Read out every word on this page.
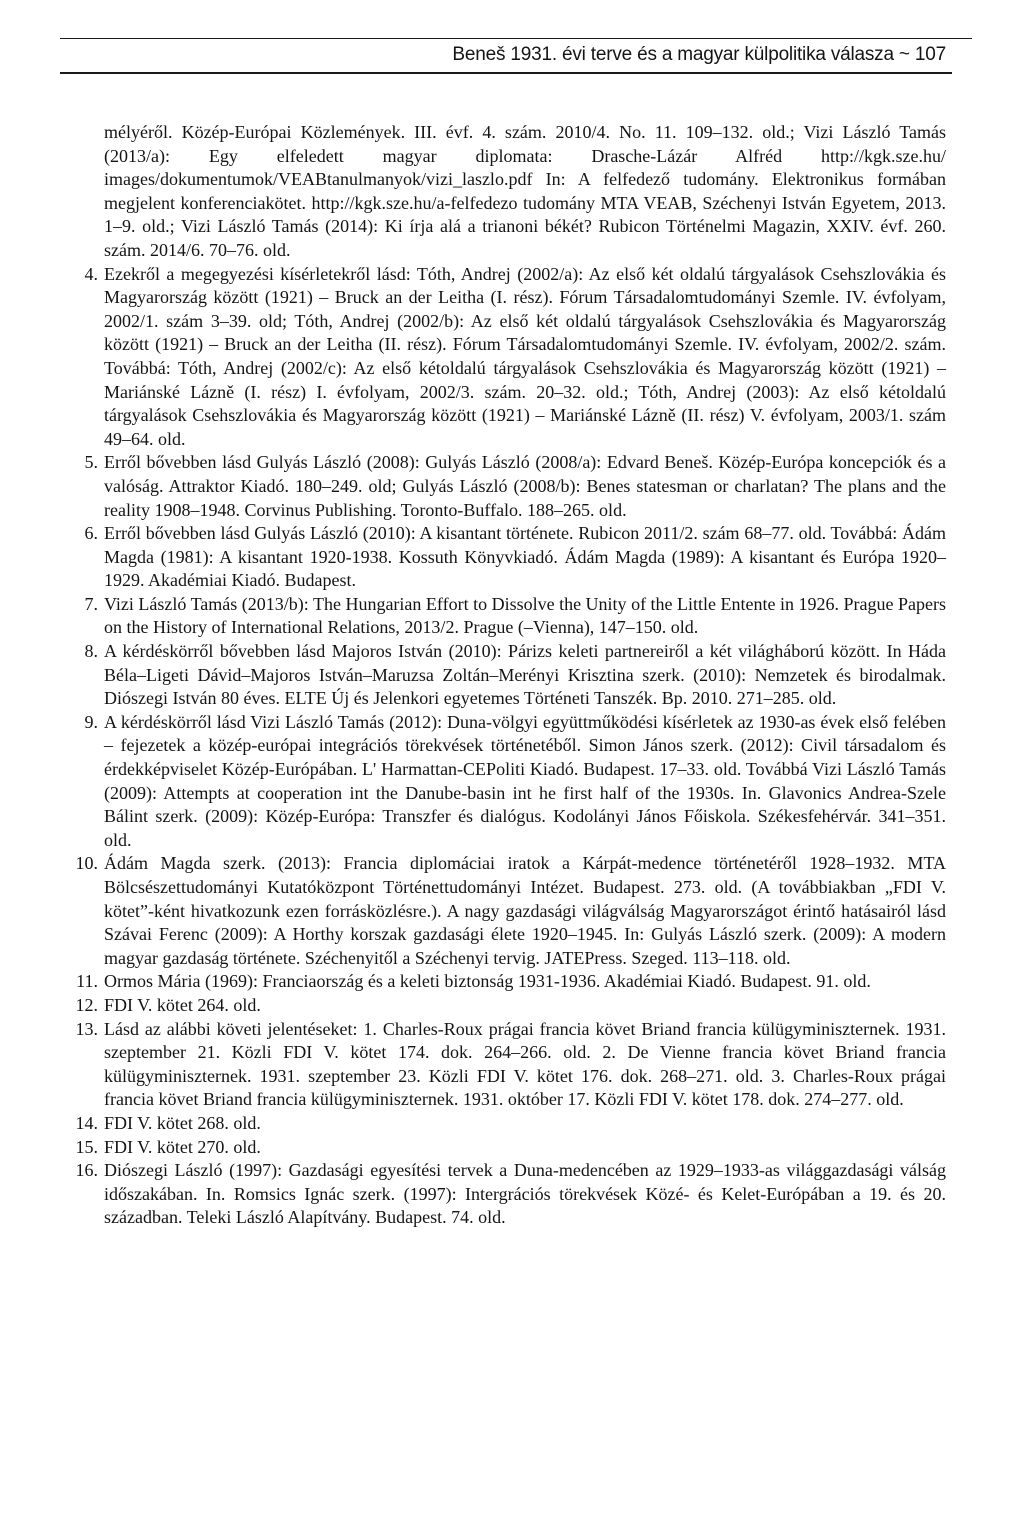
Beneš 1931. évi terve és a magyar külpolitika válasza ~ 107
mélyéről. Közép-Európai Közlemények. III. évf. 4. szám. 2010/4. No. 11. 109–132. old.; Vizi László Tamás (2013/a): Egy elfeledett magyar diplomata: Drasche-Lázár Alfréd http://kgk.sze.hu/ images/dokumentumok/VEABtanulmanyok/vizi_laszlo.pdf In: A felfedező tudomány. Elektronikus formában megjelent konferenciakötet. http://kgk.sze.hu/a-felfedezo tudomány MTA VEAB, Széchenyi István Egyetem, 2013. 1–9. old.; Vizi László Tamás (2014): Ki írja alá a trianoni békét? Rubicon Történelmi Magazin, XXIV. évf. 260. szám. 2014/6. 70–76. old.
4. Ezekről a megegyezési kísérletekről lásd: Tóth, Andrej (2002/a): Az első két oldalú tárgyalások Csehszlovákia és Magyarország között (1921) – Bruck an der Leitha (I. rész). Fórum Társadalomtudományi Szemle. IV. évfolyam, 2002/1. szám 3–39. old; Tóth, Andrej (2002/b): Az első két oldalú tárgyalások Csehszlovákia és Magyarország között (1921) – Bruck an der Leitha (II. rész). Fórum Társadalomtudományi Szemle. IV. évfolyam, 2002/2. szám. Továbbá: Tóth, Andrej (2002/c): Az első kétoldalú tárgyalások Csehszlovákia és Magyarország között (1921) – Mariánské Lázně (I. rész) I. évfolyam, 2002/3. szám. 20–32. old.; Tóth, Andrej (2003): Az első kétoldalú tárgyalások Csehszlovákia és Magyarország között (1921) – Mariánské Lázně (II. rész) V. évfolyam, 2003/1. szám 49–64. old.
5. Erről bővebben lásd Gulyás László (2008): Gulyás László (2008/a): Edvard Beneš. Közép-Európa koncepciók és a valóság. Attraktor Kiadó. 180–249. old; Gulyás László (2008/b): Benes statesman or charlatan? The plans and the reality 1908–1948. Corvinus Publishing. Toronto-Buffalo. 188–265. old.
6. Erről bővebben lásd Gulyás László (2010): A kisantant története. Rubicon 2011/2. szám 68–77. old. Továbbá: Ádám Magda (1981): A kisantant 1920-1938. Kossuth Könyvkiadó. Ádám Magda (1989): A kisantant és Európa 1920–1929. Akadémiai Kiadó. Budapest.
7. Vizi László Tamás (2013/b): The Hungarian Effort to Dissolve the Unity of the Little Entente in 1926. Prague Papers on the History of International Relations, 2013/2. Prague (–Vienna), 147–150. old.
8. A kérdéskörről bővebben lásd Majoros István (2010): Párizs keleti partnereiről a két világháború között. In Háda Béla–Ligeti Dávid–Majoros István–Maruzsa Zoltán–Merényi Krisztina szerk. (2010): Nemzetek és birodalmak. Diószegi István 80 éves. ELTE Új és Jelenkori egyetemes Történeti Tanszék. Bp. 2010. 271–285. old.
9. A kérdéskörről lásd Vizi László Tamás (2012): Duna-völgyi együttműködési kísérletek az 1930-as évek első felében – fejezetek a közép-európai integrációs törekvések történetéből. Simon János szerk. (2012): Civil társadalom és érdekképviselet Közép-Európában. L' Harmattan-CEPoliti Kiadó. Budapest. 17–33. old. Továbbá Vizi László Tamás (2009): Attempts at cooperation int the Danube-basin int he first half of the 1930s. In. Glavonics Andrea-Szele Bálint szerk. (2009): Közép-Európa: Transzfer és dialógus. Kodolányi János Főiskola. Székesfehérvár. 341–351. old.
10. Ádám Magda szerk. (2013): Francia diplomáciai iratok a Kárpát-medence történetéről 1928–1932. MTA Bölcsészettudományi Kutatóközpont Történettudományi Intézet. Budapest. 273. old. (A továbbiakban „FDI V. kötet”-ként hivatkozunk ezen forrásközlésre.). A nagy gazdasági világválság Magyarországot érintő hatásairól lásd Szávai Ferenc (2009): A Horthy korszak gazdasági élete 1920–1945. In: Gulyás László szerk. (2009): A modern magyar gazdaság története. Széchenyitől a Széchenyi tervig. JATEPress. Szeged. 113–118. old.
11. Ormos Mária (1969): Franciaország és a keleti biztonság 1931-1936. Akadémiai Kiadó. Budapest. 91. old.
12. FDI V. kötet 264. old.
13. Lásd az alábbi követi jelentéseket: 1. Charles-Roux prágai francia követ Briand francia külügyminiszternek. 1931. szeptember 21. Közli FDI V. kötet 174. dok. 264–266. old. 2. De Vienne francia követ Briand francia külügyminiszternek. 1931. szeptember 23. Közli FDI V. kötet 176. dok. 268–271. old. 3. Charles-Roux prágai francia követ Briand francia külügyminiszternek. 1931. október 17. Közli FDI V. kötet 178. dok. 274–277. old.
14. FDI V. kötet 268. old.
15. FDI V. kötet 270. old.
16. Diószegi László (1997): Gazdasági egyesítési tervek a Duna-medencében az 1929–1933-as világgazdasági válság időszakában. In. Romsics Ignác szerk. (1997): Intergrációs törekvések Közé- és Kelet-Európában a 19. és 20. században. Teleki László Alapítvány. Budapest. 74. old.
